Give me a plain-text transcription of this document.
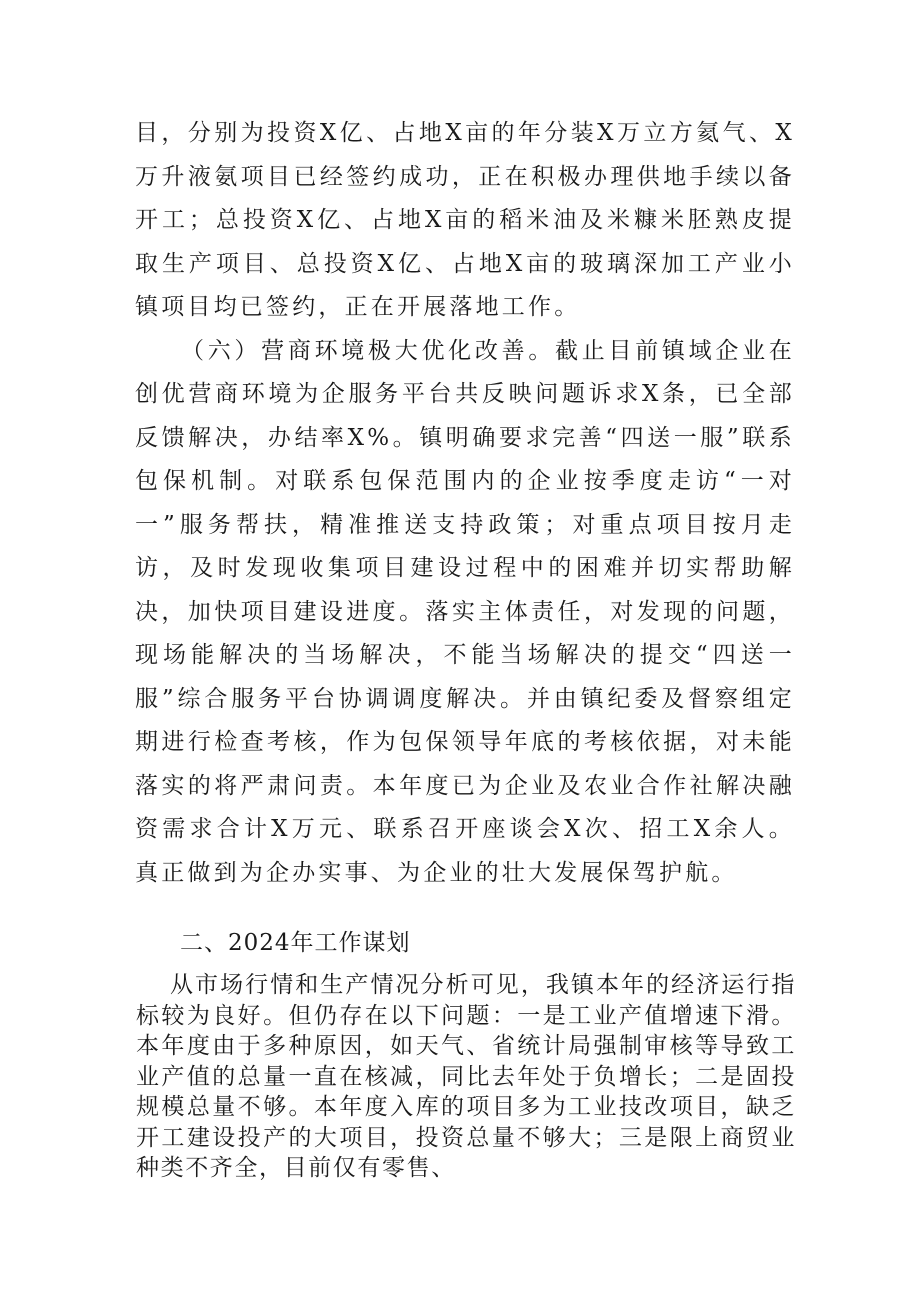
目，分别为投资X亿、占地X亩的年分装X万立方氦气、X万升液氨项目已经签约成功，正在积极办理供地手续以备开工；总投资X亿、占地X亩的稻米油及米糠米胚熟皮提取生产项目、总投资X亿、占地X亩的玻璃深加工产业小镇项目均已签约，正在开展落地工作。

（六）营商环境极大优化改善。截止目前镇域企业在创优营商环境为企服务平台共反映问题诉求X条，已全部反馈解决，办结率X%。镇明确要求完善“四送一服”联系包保机制。对联系包保范围内的企业按季度走访“一对一”服务帮扶，精准推送支持政策；对重点项目按月走访，及时发现收集项目建设过程中的困难并切实帮助解决，加快项目建设进度。落实主体责任，对发现的问题，现场能解决的当场解决，不能当场解决的提交“四送一服”综合服务平台协调调度解决。并由镇纪委及督察组定期进行检查考核，作为包保领导年底的考核依据，对未能落实的将严肃问责。本年度已为企业及农业合作社解决融资需求合计X万元、联系召开座谈会X次、招工X余人。真正做到为企办实事、为企业的壮大发展保驾护航。

二、2024年工作谋划

从市场行情和生产情况分析可见，我镇本年的经济运行指标较为良好。但仍存在以下问题：一是工业产值增速下滑。本年度由于多种原因，如天气、省统计局强制审核等导致工业产值的总量一直在核减，同比去年处于负增长；二是固投规模总量不够。本年度入库的项目多为工业技改项目，缺乏开工建设投产的大项目，投资总量不够大；三是限上商贸业种类不齐全，目前仅有零售、
